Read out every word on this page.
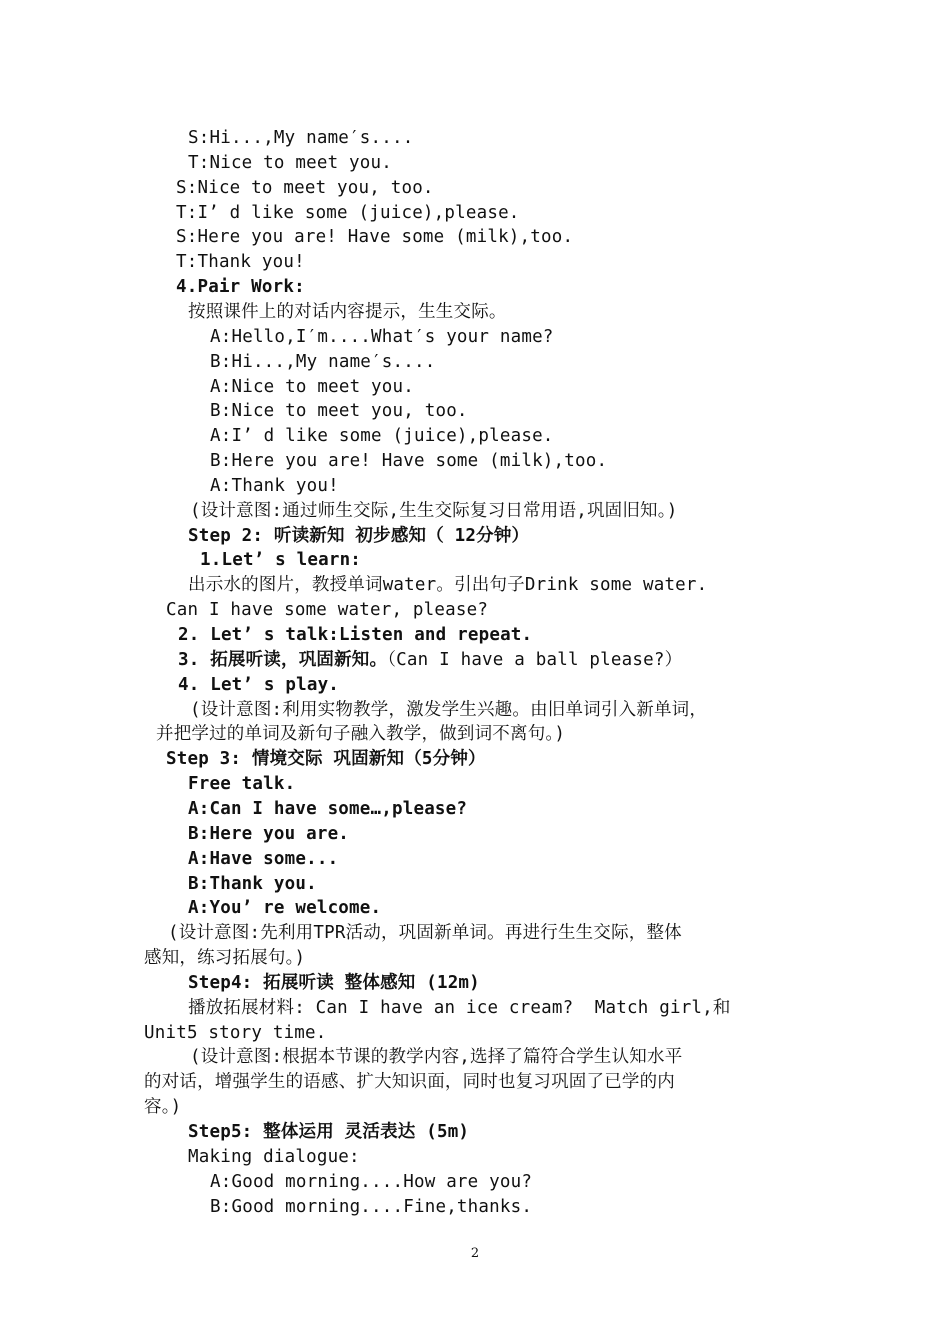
S:Hi...,My name′s....
T:Nice to meet you.
S:Nice to meet you, too.
T:I’ d like some (juice),please.
S:Here you are! Have some (milk),too.
T:Thank you!
4.Pair Work:
按照课件上的对话内容提示，生生交际。
A:Hello,I′m....What′s your name?
B:Hi...,My name′s....
A:Nice to meet you.
B:Nice to meet you, too.
A:I’ d like some (juice),please.
B:Here you are! Have some (milk),too.
A:Thank you!
(设计意图:通过师生交际,生生交际复习日常用语,巩固旧知。)
Step 2: 听读新知 初步感知（ 12分钟）
1.Let’ s learn:
出示水的图片，教授单词water。引出句子Drink some water.
Can I have some water, please?
2. Let’ s talk:Listen and repeat.
3. 拓展听读，巩固新知。（Can I have a ball please?）
4. Let’ s play.
(设计意图:利用实物教学，激发学生兴趣。由旧单词引入新单词，
并把学过的单词及新句子融入教学，做到词不离句。)
Step 3: 情境交际 巩固新知（5分钟）
Free talk.
A:Can I have some…,please?
B:Here you are.
A:Have some...
B:Thank you.
A:You’ re welcome.
(设计意图:先利用TPR活动，巩固新单词。再进行生生交际，整体
感知，练习拓展句。)
Step4: 拓展听读 整体感知 (12m)
播放拓展材料: Can I have an ice cream?  Match girl,和
Unit5 story time.
(设计意图:根据本节课的教学内容,选择了篇符合学生认知水平
的对话，增强学生的语感、扩大知识面，同时也复习巩固了已学的内
容。)
Step5: 整体运用 灵活表达 (5m)
Making dialogue:
A:Good morning....How are you?
B:Good morning....Fine,thanks.
2
